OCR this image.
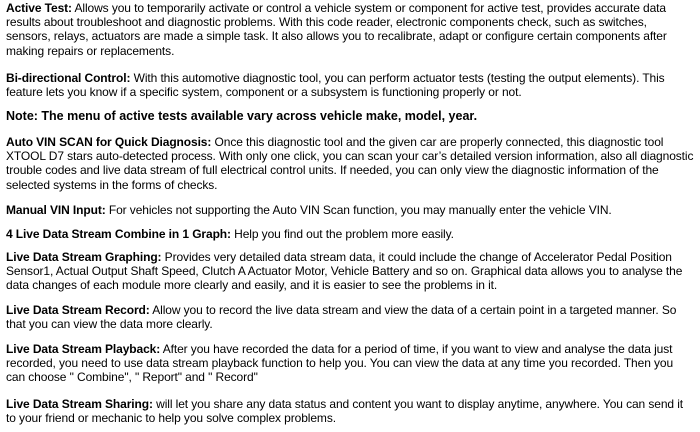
Active Test: Allows you to temporarily activate or control a vehicle system or component for active test, provides accurate data results about troubleshoot and diagnostic problems. With this code reader, electronic components check, such as switches, sensors, relays, actuators are made a simple task. It also allows you to recalibrate, adapt or configure certain components after making repairs or replacements.

Bi-directional Control: With this automotive diagnostic tool, you can perform actuator tests (testing the output elements). This feature lets you know if a specific system, component or a subsystem is functioning properly or not.

Note: The menu of active tests available vary across vehicle make, model, year.

Auto VIN SCAN for Quick Diagnosis: Once this diagnostic tool and the given car are properly connected, this diagnostic tool XTOOL D7 stars auto-detected process. With only one click, you can scan your car’s detailed version information, also all diagnostic trouble codes and live data stream of full electrical control units. If needed, you can only view the diagnostic information of the selected systems in the forms of checks.

Manual VIN Input: For vehicles not supporting the Auto VIN Scan function, you may manually enter the vehicle VIN.

4 Live Data Stream Combine in 1 Graph: Help you find out the problem more easily.

Live Data Stream Graphing: Provides very detailed data stream data, it could include the change of Accelerator Pedal Position Sensor1, Actual Output Shaft Speed, Clutch A Actuator Motor, Vehicle Battery and so on. Graphical data allows you to analyse the data changes of each module more clearly and easily, and it is easier to see the problems in it.

Live Data Stream Record: Allow you to record the live data stream and view the data of a certain point in a targeted manner. So that you can view the data more clearly.

Live Data Stream Playback: After you have recorded the data for a period of time, if you want to view and analyse the data just recorded, you need to use data stream playback function to help you. You can view the data at any time you recorded. Then you can choose " Combine", " Report" and " Record"

Live Data Stream Sharing: will let you share any data status and content you want to display anytime, anywhere. You can send it to your friend or mechanic to help you solve complex problems.
